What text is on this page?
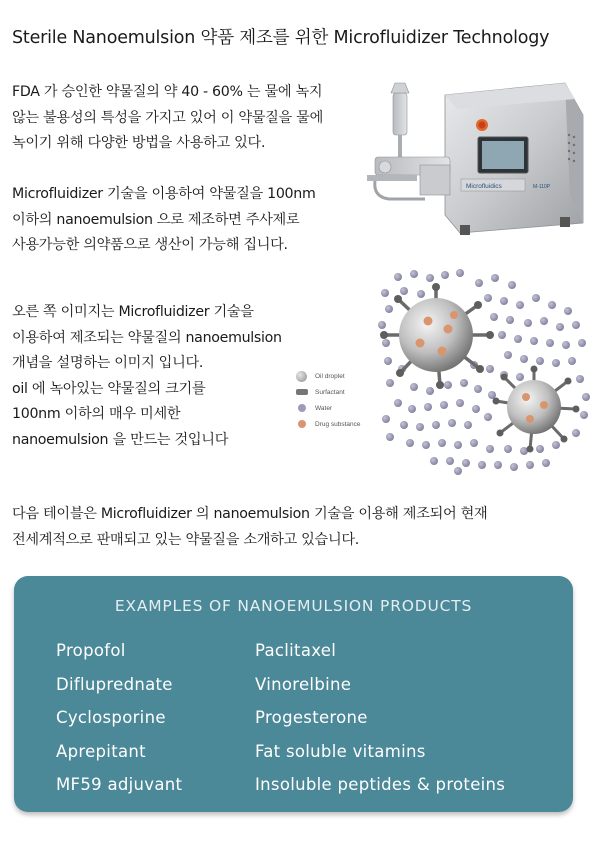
Sterile Nanoemulsion 약품 제조를 위한 Microfluidizer Technology
FDA 가 승인한 약물질의 약 40 - 60% 는 물에 녹지
않는 불용성의 특성을 가지고 있어 이 약물질을 물에
녹이기 위해 다양한 방법을 사용하고 있다.
Microfluidizer 기술을 이용하여 약물질을 100nm
이하의 nanoemulsion 으로 제조하면 주사제로
사용가능한 의약품으로 생산이 가능해 집니다.
오른 쪽 이미지는 Microfluidizer 기술을
이용하여 제조되는 약물질의 nanoemulsion
개념을 설명하는 이미지 입니다.
oil 에 녹아있는 약물질의 크기를
100nm 이하의 매우 미세한
nanoemulsion 을 만드는 것입니다
Microfluidics	M-110P
Oil droplet
Surfactant
Water
Drug substance
다음 테이블은 Microfluidizer 의 nanoemulsion 기술을 이용해 제조되어 현재
전세계적으로 판매되고 있는 약물질을 소개하고 있습니다.
EXAMPLES OF NANOEMULSION PRODUCTS
Propofol
Difluprednate
Cyclosporine
Aprepitant
MF59 adjuvant
Paclitaxel
Vinorelbine
Progesterone
Fat soluble vitamins
Insoluble peptides & proteins
